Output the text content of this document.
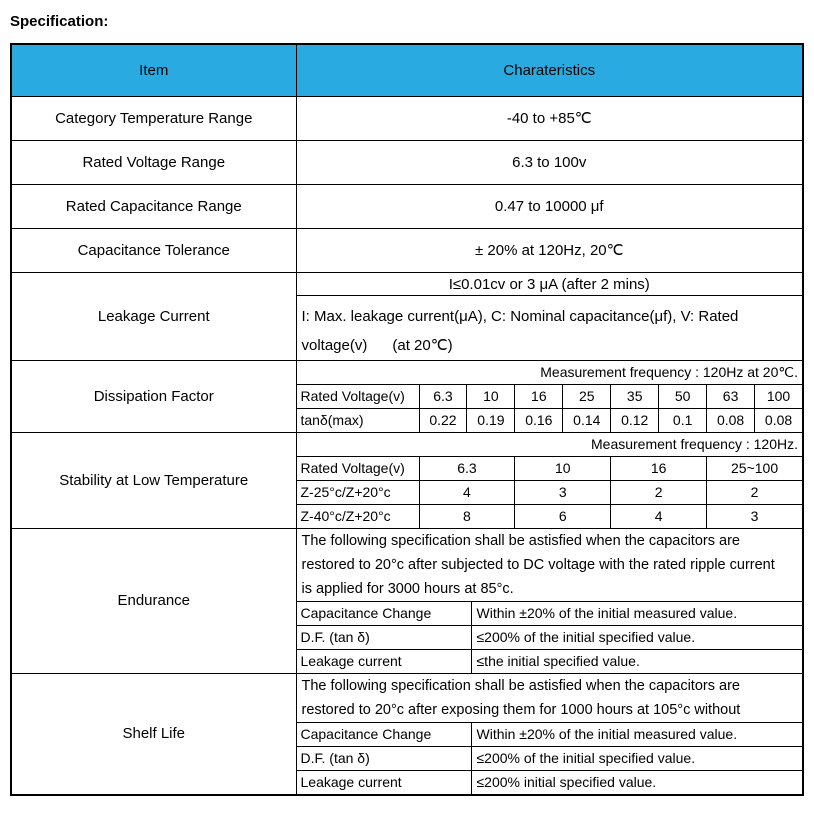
Specification:
Item	Charateristics
Category Temperature Range	-40 to +85℃
Rated Voltage Range	6.3 to 100v
Rated Capacitance Range	0.47 to 10000 μf
Capacitance Tolerance	± 20% at 120Hz, 20℃
Leakage Current	I≤0.01cv or 3 μA (after 2 mins)
I: Max. leakage current(μA), C: Nominal capacitance(μf), V: Rated
voltage(v)      (at 20℃)

Dissipation Factor	
Measurement frequency : 120Hz at 20℃.
Rated Voltage(v)	6.3	10	16	25	35	50	63	100
tanδ(max)	0.22	0.19	0.16	0.14	0.12	0.1	0.08	0.08

Stability at Low Temperature	
Measurement frequency : 120Hz.
Rated Voltage(v)	6.3	10	16	25~100
Z-25°c/Z+20°c	4	3	2	2
Z-40°c/Z+20°c	8	6	4	3

Endurance	
The following specification shall be astisfied when the capacitors are
restored to 20°c after subjected to DC voltage with the rated ripple current
is applied for 3000 hours at 85°c.
Capacitance Change	Within ±20% of the initial measured value.
D.F. (tan δ)	≤200% of the initial specified value.
Leakage current	≤the initial specified value.

Shelf Life	
The following specification shall be astisfied when the capacitors are
restored to 20°c after exposing them for 1000 hours at 105°c without
Capacitance Change	Within ±20% of the initial measured value.
D.F. (tan δ)	≤200% of the initial specified value.
Leakage current	≤200% initial specified value.
